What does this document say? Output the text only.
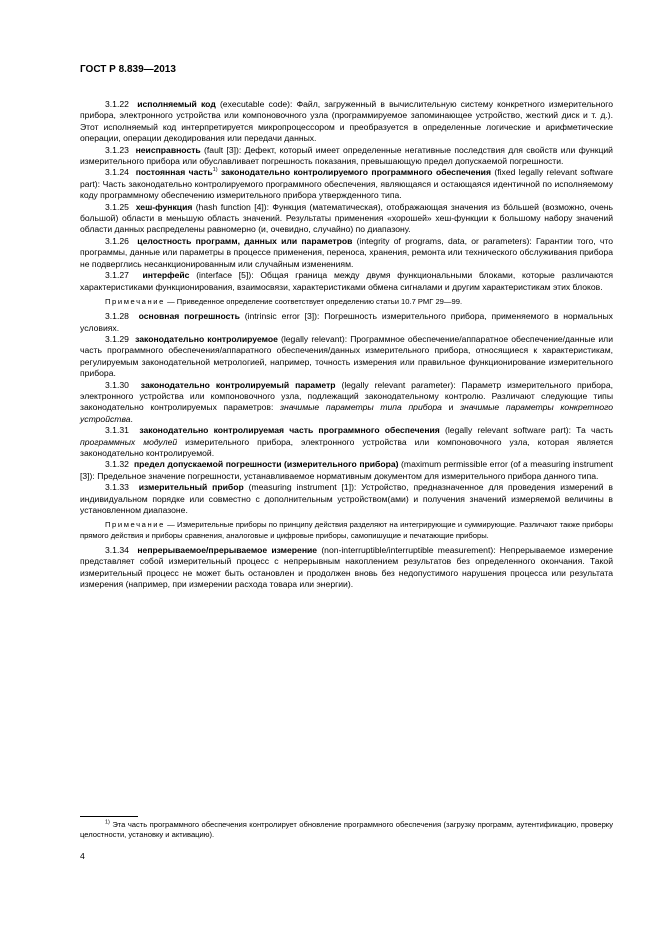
ГОСТ Р 8.839—2013

3.1.22 исполняемый код (executable code): Файл, загруженный в вычислительную систему конкретного измерительного прибора, электронного устройства или компоновочного узла (программируемое запоминающее устройство, жесткий диск и т. д.). Этот исполняемый код интерпретируется микропроцессором и преобразуется в определенные логические и арифметические операции, операции декодирования или передачи данных.

3.1.23 неисправность (fault [3]): Дефект, который имеет определенные негативные последствия для свойств или функций измерительного прибора или обуславливает погрешность показания, превышающую предел допускаемой погрешности.

3.1.24 постоянная часть$^{1)}$ законодательно контролируемого программного обеспечения (fixed legally relevant software part): Часть законодательно контролируемого программного обеспечения, являющаяся и остающаяся идентичной по исполняемому коду программному обеспечению измерительного прибора утвержденного типа.

3.1.25 хеш-функция (hash function [4]): Функция (математическая), отображающая значения из бóльшей (возможно, очень большой) области в меньшую область значений. Результаты применения «хорошей» хеш-функции к большому набору значений области данных распределены равномерно (и, очевидно, случайно) по диапазону.

3.1.26 целостность программ, данных или параметров (integrity of programs, data, or parameters): Гарантии того, что программы, данные или параметры в процессе применения, переноса, хранения, ремонта или технического обслуживания прибора не подверглись несанкционированным или случайным изменениям.

3.1.27 интерфейс (interface [5]): Общая граница между двумя функциональными блоками, которые различаются характеристиками функционирования, взаимосвязи, характеристиками обмена сигналами и другим характеристикам этих блоков.

Примечание — Приведенное определение соответствует определению статьи 10.7 РМГ 29—99.

3.1.28 основная погрешность (intrinsic error [3]): Погрешность измерительного прибора, применяемого в нормальных условиях.

3.1.29 законодательно контролируемое (legally relevant): Программное обеспечение/аппаратное обеспечение/данные или часть программного обеспечения/аппаратного обеспечения/данных измерительного прибора, относящиеся к характеристикам, регулируемым законодательной метрологией, например, точность измерения или правильное функционирование измерительного прибора.

3.1.30 законодательно контролируемый параметр (legally relevant parameter): Параметр измерительного прибора, электронного устройства или компоновочного узла, подлежащий законодательному контролю. Различают следующие типы законодательно контролируемых параметров: значимые параметры типа прибора и значимые параметры конкретного устройства.

3.1.31 законодательно контролируемая часть программного обеспечения (legally relevant software part): Та часть программных модулей измерительного прибора, электронного устройства или компоновочного узла, которая является законодательно контролируемой.

3.1.32 предел допускаемой погрешности (измерительного прибора) (maximum permissible error (of a measuring instrument [3]): Предельное значение погрешности, устанавливаемое нормативным документом для измерительного прибора данного типа.

3.1.33 измерительный прибор (measuring instrument [1]): Устройство, предназначенное для проведения измерений в индивидуальном порядке или совместно с дополнительным устройством(ами) и получения значений измеряемой величины в установленном диапазоне.

Примечание — Измерительные приборы по принципу действия разделяют на интегрирующие и суммирующие. Различают также приборы прямого действия и приборы сравнения, аналоговые и цифровые приборы, самопишущие и печатающие приборы.

3.1.34 непрерываемое/прерываемое измерение (non-interruptible/interruptible measurement): Непрерываемое измерение представляет собой измерительный процесс с непрерывным накоплением результатов без определенного окончания. Такой измерительный процесс не может быть остановлен и продолжен вновь без недопустимого нарушения процесса или результата измерения (например, при измерении расхода товара или энергии).

$^{1)}$ Эта часть программного обеспечения контролирует обновление программного обеспечения (загрузку программ, аутентификацию, проверку целостности, установку и активацию).

4
